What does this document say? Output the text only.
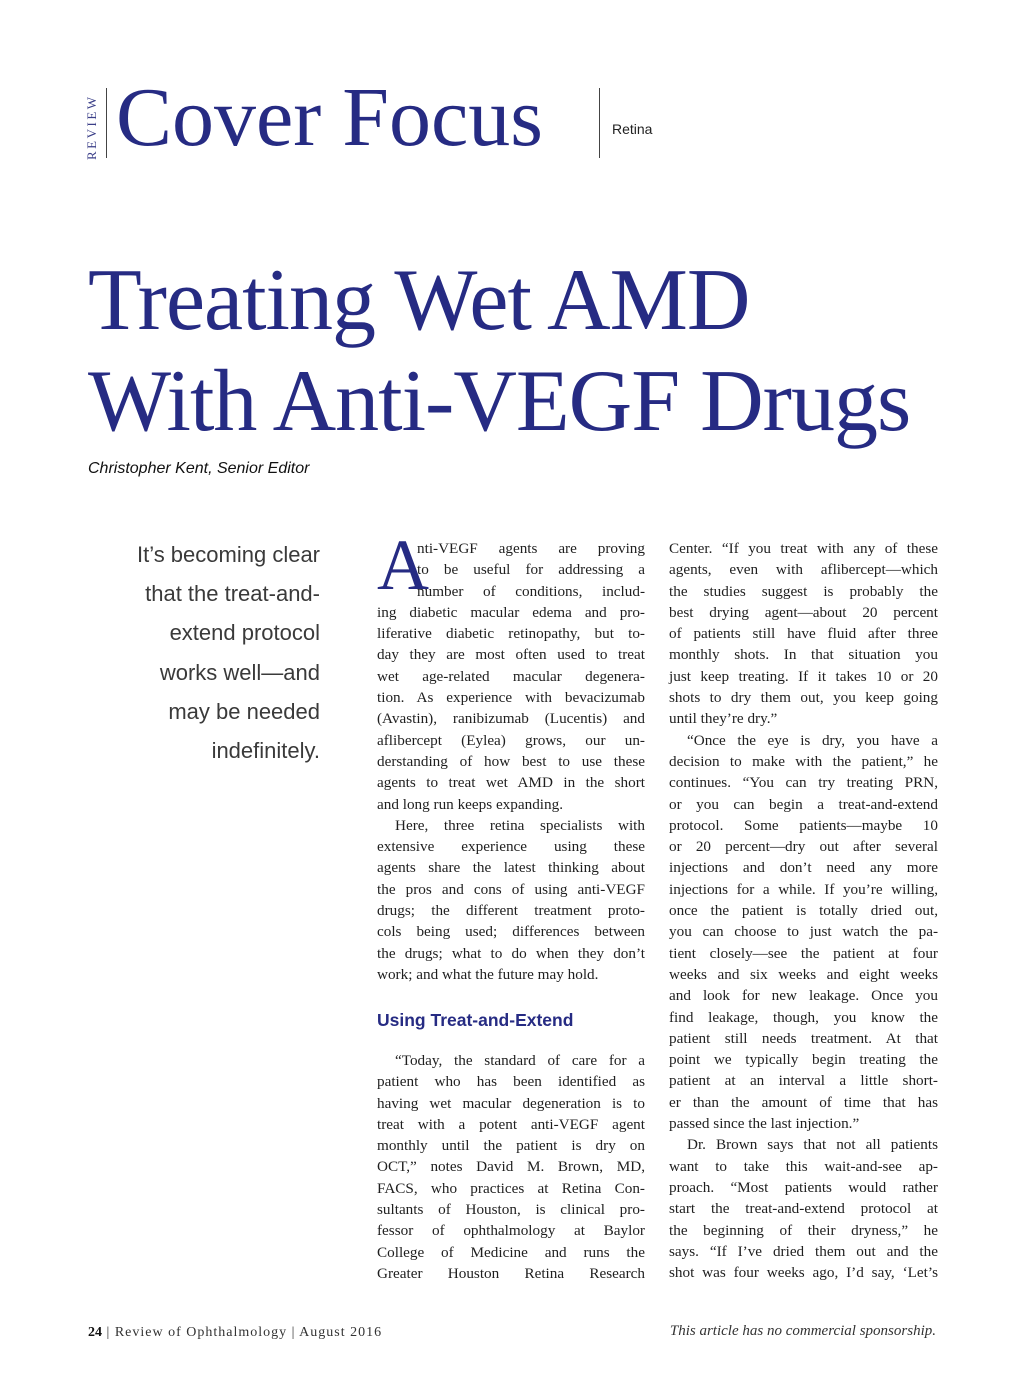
REVIEW Cover Focus	Retina
Treating Wet AMD
With Anti-VEGF Drugs
Christopher Kent, Senior Editor
It’s becoming clear
that the treat-and-
extend protocol
works well—and
may be needed
indefinitely.
A
nti-VEGF agents are proving
to be useful for addressing a
number of conditions, includ-
ing diabetic macular edema and pro-
liferative diabetic retinopathy, but to-
day they are most often used to treat
wet age-related macular degenera-
tion. As experience with bevacizumab
(Avastin), ranibizumab (Lucentis) and
aflibercept (Eylea) grows, our un-
derstanding of how best to use these
agents to treat wet AMD in the short
and long run keeps expanding.
Here, three retina specialists with
extensive experience using these
agents share the latest thinking about
the pros and cons of using anti-VEGF
drugs; the different treatment proto-
cols being used; differences between
the drugs; what to do when they don’t
work; and what the future may hold.
Using Treat-and-Extend
“Today, the standard of care for a
patient who has been identified as
having wet macular degeneration is to
treat with a potent anti-VEGF agent
monthly until the patient is dry on
OCT,” notes David M. Brown, MD,
FACS, who practices at Retina Con-
sultants of Houston, is clinical pro-
fessor of ophthalmology at Baylor
College of Medicine and runs the
Greater Houston Retina Research
Center. “If you treat with any of these
agents, even with aflibercept—which
the studies suggest is probably the
best drying agent—about 20 percent
of patients still have fluid after three
monthly shots. In that situation you
just keep treating. If it takes 10 or 20
shots to dry them out, you keep going
until they’re dry.”
“Once the eye is dry, you have a
decision to make with the patient,” he
continues. “You can try treating PRN,
or you can begin a treat-and-extend
protocol. Some patients—maybe 10
or 20 percent—dry out after several
injections and don’t need any more
injections for a while. If you’re willing,
once the patient is totally dried out,
you can choose to just watch the pa-
tient closely—see the patient at four
weeks and six weeks and eight weeks
and look for new leakage. Once you
find leakage, though, you know the
patient still needs treatment. At that
point we typically begin treating the
patient at an interval a little short-
er than the amount of time that has
passed since the last injection.”
Dr. Brown says that not all patients
want to take this wait-and-see ap-
proach. “Most patients would rather
start the treat-and-extend protocol at
the beginning of their dryness,” he
says. “If I’ve dried them out and the
shot was four weeks ago, I’d say, ‘Let’s
24 | Review of Ophthalmology | August 2016	This article has no commercial sponsorship.
